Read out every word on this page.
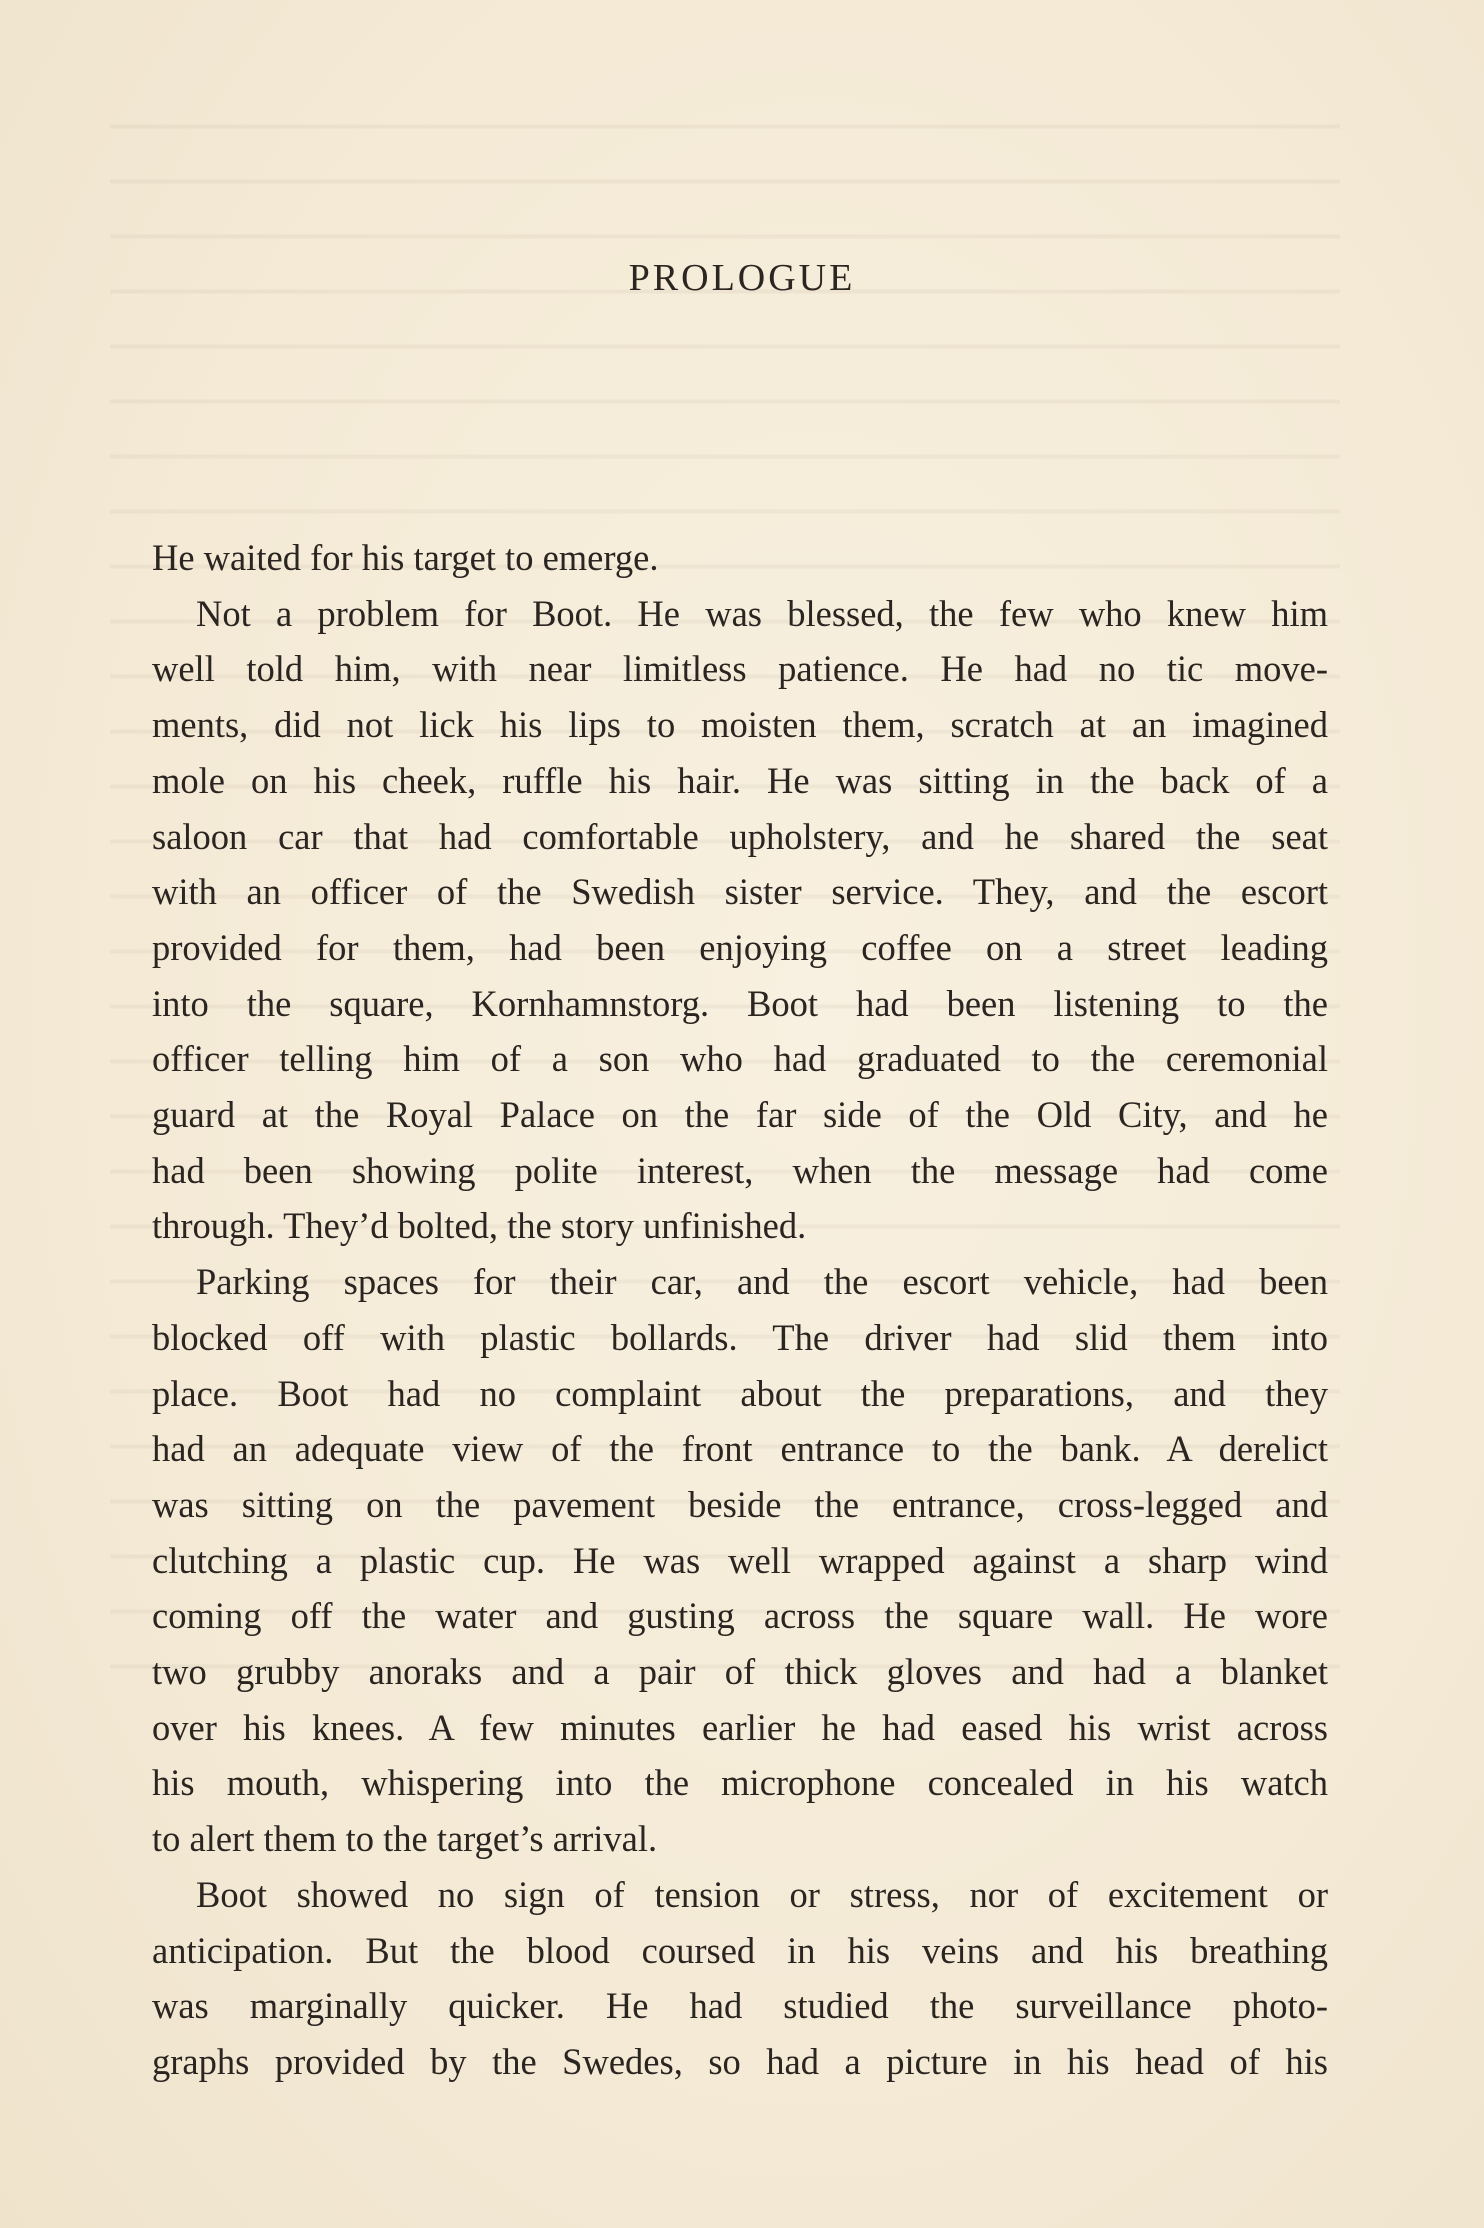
PROLOGUE

He waited for his target to emerge.

Not a problem for Boot. He was blessed, the few who knew him
well told him, with near limitless patience. He had no tic move-
ments, did not lick his lips to moisten them, scratch at an imagined
mole on his cheek, ruffle his hair. He was sitting in the back of a
saloon car that had comfortable upholstery, and he shared the seat
with an officer of the Swedish sister service. They, and the escort
provided for them, had been enjoying coffee on a street leading
into the square, Kornhamnstorg. Boot had been listening to the
officer telling him of a son who had graduated to the ceremonial
guard at the Royal Palace on the far side of the Old City, and he
had been showing polite interest, when the message had come
through. They’d bolted, the story unfinished.

Parking spaces for their car, and the escort vehicle, had been
blocked off with plastic bollards. The driver had slid them into
place. Boot had no complaint about the preparations, and they
had an adequate view of the front entrance to the bank. A derelict
was sitting on the pavement beside the entrance, cross-legged and
clutching a plastic cup. He was well wrapped against a sharp wind
coming off the water and gusting across the square wall. He wore
two grubby anoraks and a pair of thick gloves and had a blanket
over his knees. A few minutes earlier he had eased his wrist across
his mouth, whispering into the microphone concealed in his watch
to alert them to the target’s arrival.

Boot showed no sign of tension or stress, nor of excitement or
anticipation. But the blood coursed in his veins and his breathing
was marginally quicker. He had studied the surveillance photo-
graphs provided by the Swedes, so had a picture in his head of his
